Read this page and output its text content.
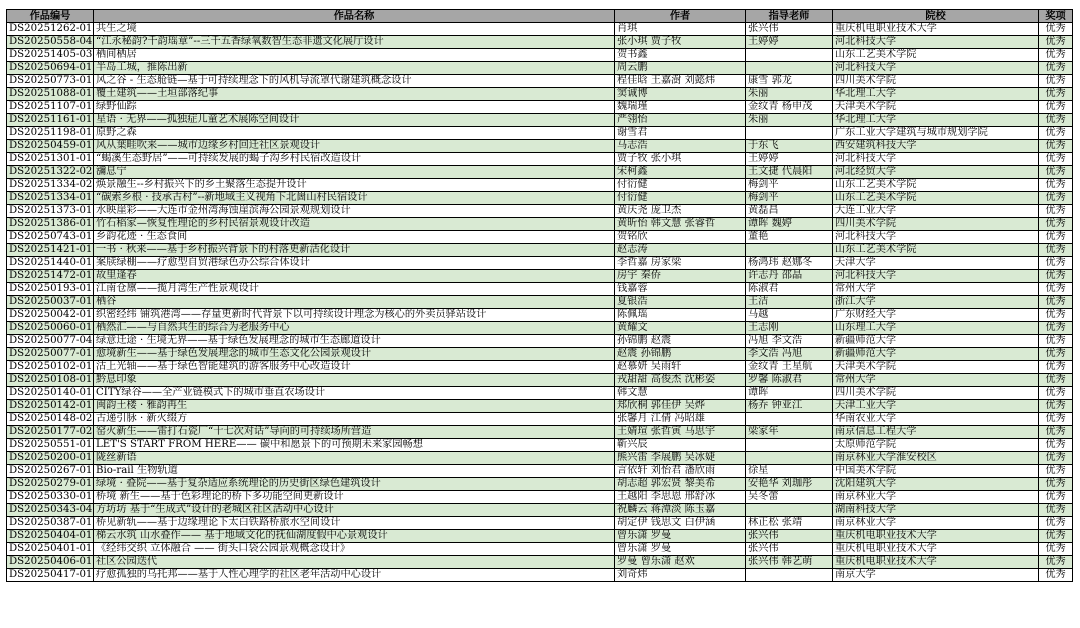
作品编号	作品名称	作者	指导老师	院校	奖项
DS20251262-01	共生之境	肖琪	张兴伟	重庆机电职业技术大学	优秀
DS20250558-04	“江永秘韵?千韵瑶章”--三千五香绿氧数智生态非遗文化展厅设计	张小琪 贾子牧	王婷婷	河北科技大学	优秀
DS20251405-03	栖间栖居	贺书鑫		山东工艺美术学院	优秀
DS20250694-01	半岛工城，推陈出新	周云鹏		河北科技大学	优秀
DS20250773-01	风之谷 - 生态舱链—基于可持续理念下的风机导流罩代谢建筑概念设计	程佳晗 王嘉澍 刘懿炜	康雪 郭龙	四川美术学院	优秀
DS20251088-01	覆土建筑——土垣部落纪事	窦诚博	朱丽	华北理工大学	优秀
DS20251107-01	绿野仙踪	魏瑞瑾	金纹青 杨申茂	天津美术学院	优秀
DS20251161-01	星语 · 无界——孤独症儿童艺术展陈空间设计	严翎怡	朱丽	华北理工大学	优秀
DS20251198-01	原野之森	谢雪君		广东工业大学建筑与城市规划学院	优秀
DS20250459-01	风从葉畦吹来——城市边缘乡村回迁社区景观设计	马志浩	于东飞	西安建筑科技大学	优秀
DS20251301-01	“蝎溪生态野居”——可持续发展的蝎子沟乡村民宿改造设计	贾子牧 张小琪	王婷婷	河北科技大学	优秀
DS20251322-02	瀰息宁	宋柯鑫	王文捷 代晨阳	河北经贸大学	优秀
DS20251334-02	焕景融生--乡村振兴下的乡土聚落生态提升设计	付衍健	梅剑平	山东工艺美术学院	优秀
DS20251334-01	“碳索乡根 · 技承古村”--新地域主义视角下北崮山村民宿设计	付衍健	梅剑平	山东工艺美术学院	优秀
DS20251373-01	水映崖彩——大连市金州湾海蚀崖滨海公园景观规划设计	黄庆尧 庞卫杰	黄磊昌	大连工业大学	优秀
DS20251386-01	竹石稻家—恢复性理论的乡村民宿景观设计改造	黄昕怡 韩文慧 张睿哲	谭晖 魏婷	四川美术学院	优秀
DS20250743-01	乡韵花迹 · 生态食间	贺铭欣	董艳	河北科技大学	优秀
DS20251421-01	一书 · 秋来——基于乡村振兴背景下的村落更新活化设计	赵志涛		山东工艺美术学院	优秀
DS20251440-01	案牍绿棚——疗愈型自贸港绿色办公综合体设计	李哲嘉 房家梁	杨鸿玮 赵娜冬	天津大学	优秀
DS20251472-01	故里逢春	房宇 秦侨	许志丹 邵晶	河北科技大学	优秀
DS20250193-01	江南仓廪——揽月湾生产性景观设计	钱嘉蓉	陈淑君	常州大学	优秀
DS20250037-01	栖谷	夏银浩	王洁	浙江大学	优秀
DS20250042-01	织密经纬 铺筑港湾——存量更新时代背景下以可持续设计理念为核心的外卖员驿站设计	陈佩瑶	马越	广东财经大学	优秀
DS20250060-01	栖然汇——与自然共生的综合为老服务中心	黄耀文	王志刚	山东理工大学	优秀
DS20250077-04	绿意迁途 · 生境无界——基于绿色发展理念的城市生态廊道设计	孙锦鹏 赵震	冯旭 李文浩	新疆师范大学	优秀
DS20250077-01	愈境新生——基于绿色发展理念的城市生态文化公园景观设计	赵震 孙锦鹏	李文浩 冯旭	新疆师范大学	优秀
DS20250102-01	沽上光轴——基于绿色智能建筑的游客服务中心改造设计	赵慕妍 吴雨轩	金纹青 王星航	天津美术学院	优秀
DS20250108-01	黔息印象	戎甜甜 高俊杰 沈彬姿	罗馨 陈淑君	常州大学	优秀
DS20250140-01	CITY绿谷——全产业链模式下的城市垂直农场设计	韩文慧	谭晖	四川美术学院	优秀
DS20250142-01	闽韵土楼 · 雅韵再生	郑欣桐 郭佳伊 吴烨	杨乔 钟亚江	天津工业大学	优秀
DS20250148-02	古递引脉 · 新火缀方	张馨月 江倩 冯昭雄		华南农业大学	优秀
DS20250177-02	窑火新生——雷打石瓷厂“十七次对话”导向的可持续场所营造	王婧瑄 张哲寅 马思宇	梁家年	南京信息工程大学	优秀
DS20250551-01	LET'S START FROM HERE—— 碳中和愿景下的可预期未来家园畅想	靳兴辰		太原师范学院	优秀
DS20250200-01	陇丝新语	熊兴雷 李展鹏 吴冰婕		南京林业大学淮安校区	优秀
DS20250267-01	Bio-rail 生物轨道	言依轩 刘怡君 潘欣雨	徐星	中国美术学院	优秀
DS20250279-01	绿境 · 叠院——基于复杂适应系统理论的历史街区绿色建筑设计	胡志超 郭宏贤 黎美希	安艳华 刘珈彤	沈阳建筑大学	优秀
DS20250330-01	桥境 新生——基于色彩理论的桥下多功能空间更新设计	王越阳 李思恩 邢舒冰	吴冬蕾	南京林业大学	优秀
DS20250343-04	方坊坊 基于“生成式”设计的老城区社区活动中心设计	祝麟云 蒋潭淡 陈玉嘉		湖南科技大学	优秀
DS20250387-01	桥见新轨——基于边缘理论下太白铁路桥旅水空间设计	胡定伊 钱思文 白伊涵	林正松 张靖	南京林业大学	优秀
DS20250404-01	梯云水筑 山水叠作—— 基于地域文化的抚仙湖度假中心景观设计	曾乐潇 罗曼	张兴伟	重庆机电职业技术大学	优秀
DS20250401-01	《经纬交织 立体融合 —— 街头口袋公园景观概念设计》	曾乐潇 罗曼	张兴伟	重庆机电职业技术大学	优秀
DS20250406-01	社区公园迭代	罗曼 曾乐潇 赵欢	张兴伟 韩艺萌	重庆机电职业技术大学	优秀
DS20250417-01	疗愈孤独的乌托邦——基于人性心理学的社区老年活动中心设计	刘奇炜		南京大学	优秀
